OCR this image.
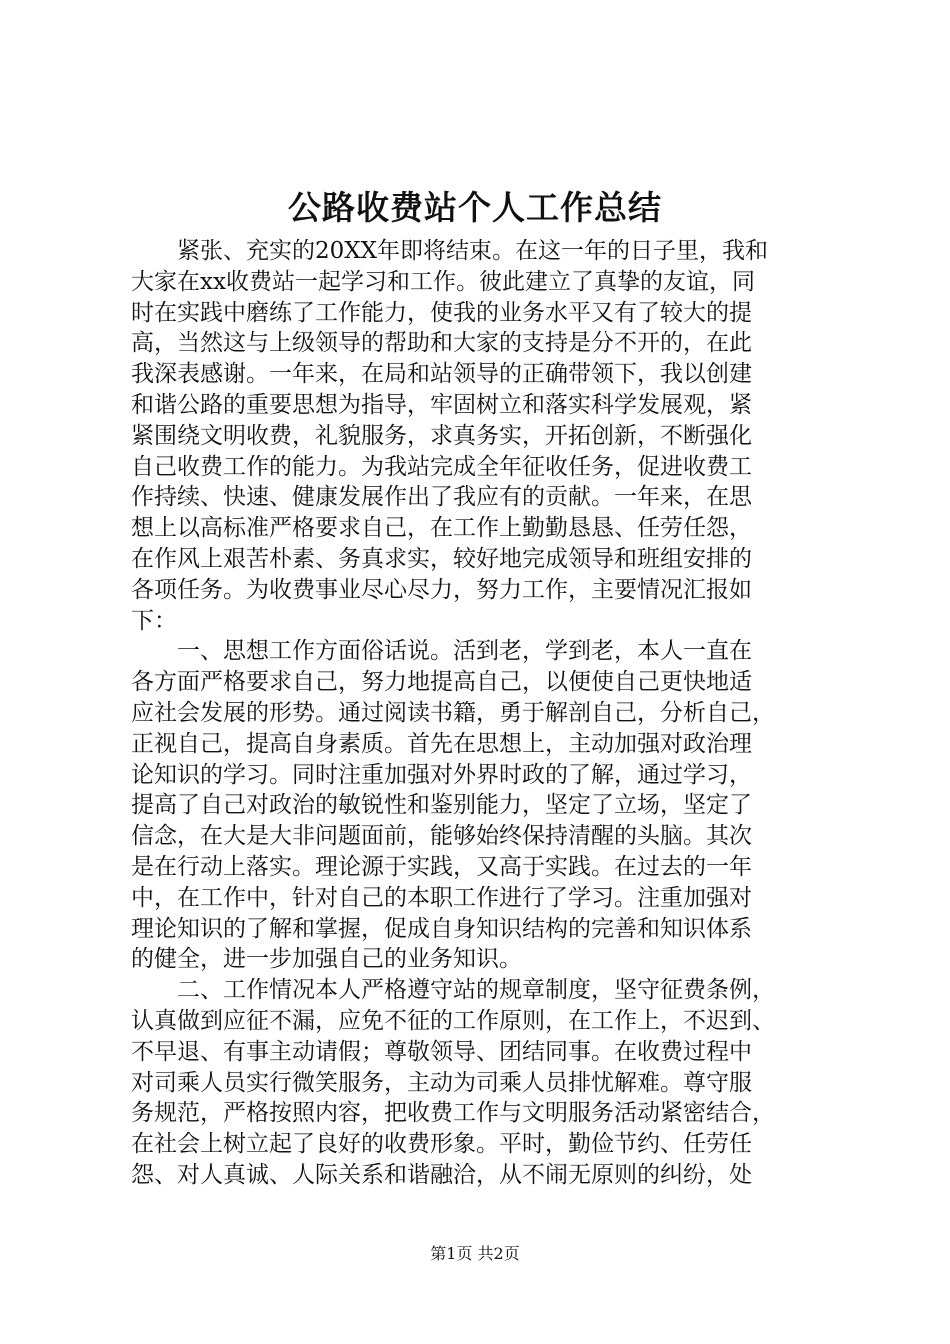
公路收费站个人工作总结
　　紧张、充实的20XX年即将结束。在这一年的日子里，我和
大家在xx收费站一起学习和工作。彼此建立了真挚的友谊，同
时在实践中磨练了工作能力，使我的业务水平又有了较大的提
高，当然这与上级领导的帮助和大家的支持是分不开的，在此
我深表感谢。一年来，在局和站领导的正确带领下，我以创建
和谐公路的重要思想为指导，牢固树立和落实科学发展观，紧
紧围绕文明收费，礼貌服务，求真务实，开拓创新，不断强化
自己收费工作的能力。为我站完成全年征收任务，促进收费工
作持续、快速、健康发展作出了我应有的贡献。一年来，在思
想上以高标准严格要求自己，在工作上勤勤恳恳、任劳任怨，
在作风上艰苦朴素、务真求实，较好地完成领导和班组安排的
各项任务。为收费事业尽心尽力，努力工作，主要情况汇报如
下：
　　一、思想工作方面俗话说。活到老，学到老，本人一直在
各方面严格要求自己，努力地提高自己，以便使自己更快地适
应社会发展的形势。通过阅读书籍，勇于解剖自己，分析自己，
正视自己，提高自身素质。首先在思想上，主动加强对政治理
论知识的学习。同时注重加强对外界时政的了解，通过学习，
提高了自己对政治的敏锐性和鉴别能力，坚定了立场，坚定了
信念，在大是大非问题面前，能够始终保持清醒的头脑。其次
是在行动上落实。理论源于实践，又高于实践。在过去的一年
中，在工作中，针对自己的本职工作进行了学习。注重加强对
理论知识的了解和掌握，促成自身知识结构的完善和知识体系
的健全，进一步加强自己的业务知识。
　　二、工作情况本人严格遵守站的规章制度，坚守征费条例，
认真做到应征不漏，应免不征的工作原则，在工作上，不迟到、
不早退、有事主动请假；尊敬领导、团结同事。在收费过程中
对司乘人员实行微笑服务，主动为司乘人员排忧解难。尊守服
务规范，严格按照内容，把收费工作与文明服务活动紧密结合，
在社会上树立起了良好的收费形象。平时，勤俭节约、任劳任
怨、对人真诚、人际关系和谐融洽，从不闹无原则的纠纷，处
第1页 共2页
